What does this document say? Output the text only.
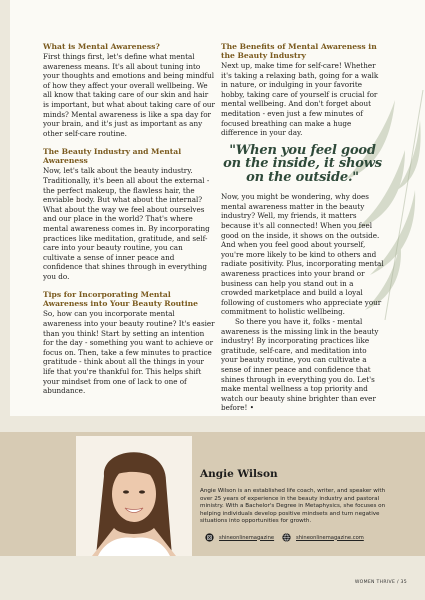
What is Mental Awareness?

First things first, let's define what mental awareness means. It's all about tuning into your thoughts and emotions and being mindful of how they affect your overall wellbeing. We all know that taking care of our skin and hair is important, but what about taking care of our minds? Mental awareness is like a spa day for your brain, and it's just as important as any other self-care routine.

The Beauty Industry and Mental Awareness

Now, let's talk about the beauty industry. Traditionally, it's been all about the external - the perfect makeup, the flawless hair, the enviable body. But what about the internal? What about the way we feel about ourselves and our place in the world? That's where mental awareness comes in. By incorporating practices like meditation, gratitude, and self-care into your beauty routine, you can cultivate a sense of inner peace and confidence that shines through in everything you do.

Tips for Incorporating Mental Awareness into Your Beauty Routine

So, how can you incorporate mental awareness into your beauty routine? It's easier than you think! Start by setting an intention for the day - something you want to achieve or focus on. Then, take a few minutes to practice gratitude - think about all the things in your life that you're thankful for. This helps shift your mindset from one of lack to one of abundance.

The Benefits of Mental Awareness in the Beauty Industry

Next up, make time for self-care! Whether it's taking a relaxing bath, going for a walk in nature, or indulging in your favorite hobby, taking care of yourself is crucial for mental wellbeing. And don't forget about meditation - even just a few minutes of focused breathing can make a huge difference in your day.

"When you feel good on the inside, it shows on the outside."

Now, you might be wondering, why does mental awareness matter in the beauty industry? Well, my friends, it matters because it's all connected! When you feel good on the inside, it shows on the outside. And when you feel good about yourself, you're more likely to be kind to others and radiate positivity. Plus, incorporating mental awareness practices into your brand or business can help you stand out in a crowded marketplace and build a loyal following of customers who appreciate your commitment to holistic wellbeing.

So there you have it, folks - mental awareness is the missing link in the beauty industry! By incorporating practices like gratitude, self-care, and meditation into your beauty routine, you can cultivate a sense of inner peace and confidence that shines through in everything you do. Let's make mental wellness a top priority and watch our beauty shine brighter than ever before! •

Angie Wilson
Angie Wilson is an established life coach, writer, and speaker with over 25 years of experience in the beauty industry and pastoral ministry. With a Bachelor's Degree in Metaphysics, she focuses on helping individuals develop positive mindsets and turn negative situations into opportunities for growth.
shineonlinemagazine	shineonlinemagazine.com
WOMEN THRIVE / 35
